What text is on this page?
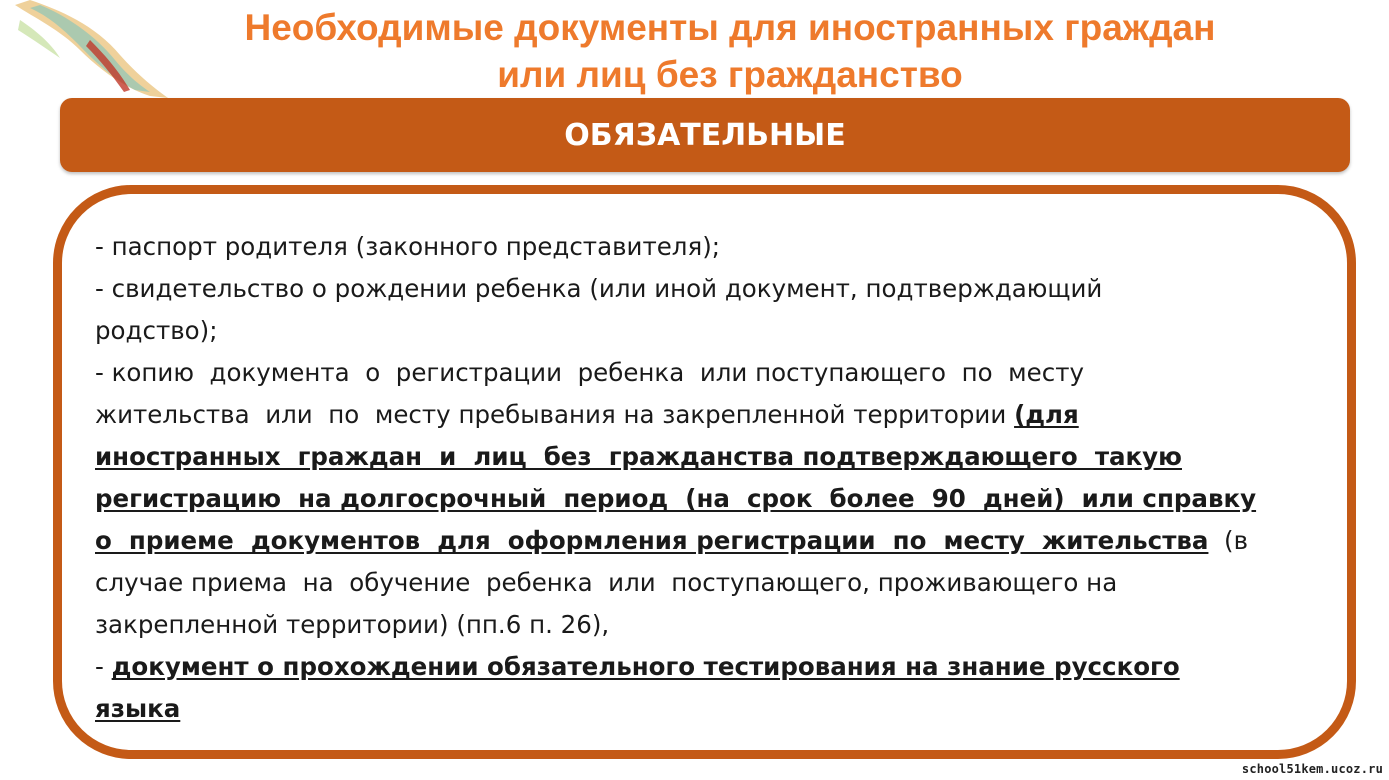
Необходимые документы для иностранных граждан
или лиц без гражданство
ОБЯЗАТЕЛЬНЫЕ
- паспорт родителя (законного представителя);
- свидетельство о рождении ребенка (или иной документ, подтверждающий
родство);
- копию  документа  о  регистрации  ребенка  или поступающего  по  месту
жительства  или  по  месту пребывания на закрепленной территории (для
иностранных  граждан  и  лиц  без  гражданства подтверждающего  такую
регистрацию  на долгосрочный  период  (на  срок  более  90  дней)  или справку
о  приеме  документов  для  оформления регистрации  по  месту  жительства  (в
случае приема  на  обучение  ребенка  или  поступающего, проживающего на
закрепленной территории) (пп.6 п. 26),
- документ о прохождении обязательного тестирования на знание русского
языка
school51kem.ucoz.ru
